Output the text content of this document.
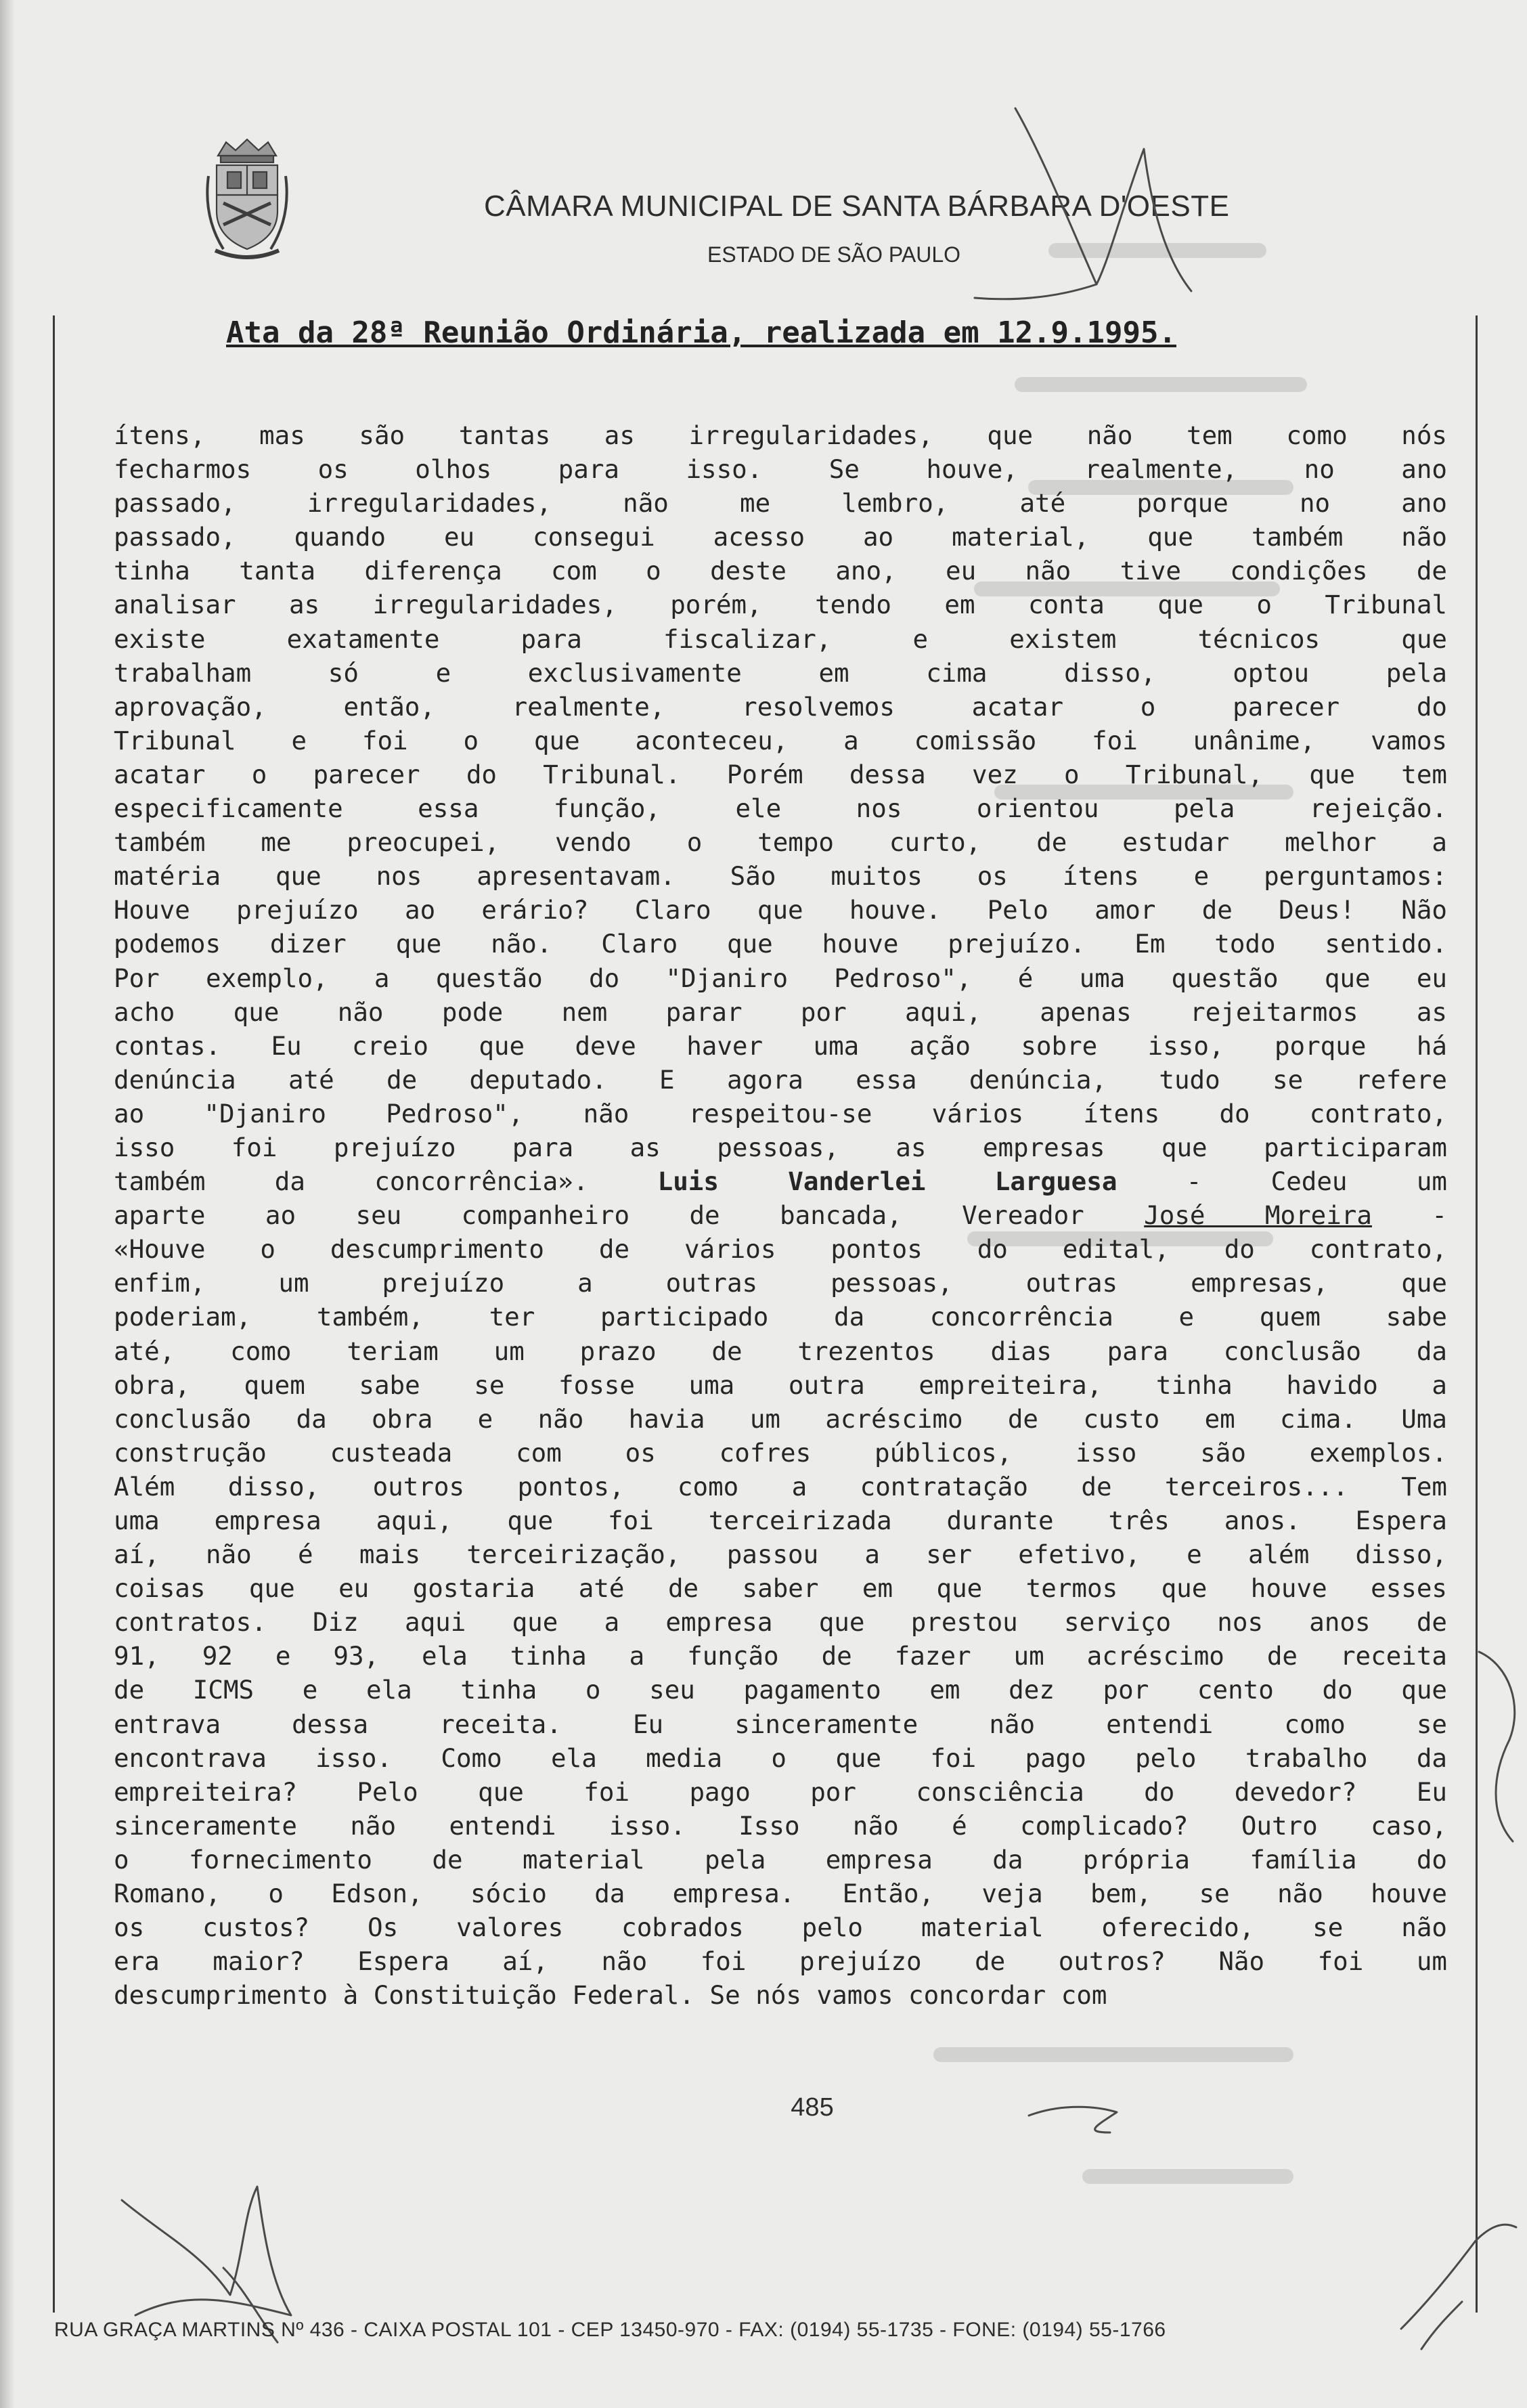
CÂMARA MUNICIPAL DE SANTA BÁRBARA D'OESTE
ESTADO DE SÃO PAULO
Ata da 28ª Reunião Ordinária, realizada em 12.9.1995.
ítens, mas são tantas as irregularidades, que não tem como nós
fecharmos os olhos para isso. Se houve, realmente, no ano
passado, irregularidades, não me lembro, até porque no ano
passado, quando eu consegui acesso ao material, que também não
tinha tanta diferença com o deste ano, eu não tive condições de
analisar as irregularidades, porém, tendo em conta que o Tribunal
existe exatamente para fiscalizar, e existem técnicos que
trabalham só e exclusivamente em cima disso, optou pela
aprovação, então, realmente, resolvemos acatar o parecer do
Tribunal e foi o que aconteceu, a comissão foi unânime, vamos
acatar o parecer do Tribunal. Porém dessa vez o Tribunal, que tem
especificamente essa função, ele nos orientou pela rejeição.
também me preocupei, vendo o tempo curto, de estudar melhor a
matéria que nos apresentavam. São muitos os ítens e perguntamos:
Houve prejuízo ao erário? Claro que houve. Pelo amor de Deus! Não
podemos dizer que não. Claro que houve prejuízo. Em todo sentido.
Por exemplo, a questão do "Djaniro Pedroso", é uma questão que eu
acho que não pode nem parar por aqui, apenas rejeitarmos as
contas. Eu creio que deve haver uma ação sobre isso, porque há
denúncia até de deputado. E agora essa denúncia, tudo se refere
ao "Djaniro Pedroso", não respeitou-se vários ítens do contrato,
isso foi prejuízo para as pessoas, as empresas que participaram
também da concorrência». Luis Vanderlei Larguesa - Cedeu um
aparte ao seu companheiro de bancada, Vereador José Moreira -
«Houve o descumprimento de vários pontos do edital, do contrato,
enfim, um prejuízo a outras pessoas, outras empresas, que
poderiam, também, ter participado da concorrência e quem sabe
até, como teriam um prazo de trezentos dias para conclusão da
obra, quem sabe se fosse uma outra empreiteira, tinha havido a
conclusão da obra e não havia um acréscimo de custo em cima. Uma
construção custeada com os cofres públicos, isso são exemplos.
Além disso, outros pontos, como a contratação de terceiros... Tem
uma empresa aqui, que foi terceirizada durante três anos. Espera
aí, não é mais terceirização, passou a ser efetivo, e além disso,
coisas que eu gostaria até de saber em que termos que houve esses
contratos. Diz aqui que a empresa que prestou serviço nos anos de
91, 92 e 93, ela tinha a função de fazer um acréscimo de receita
de ICMS e ela tinha o seu pagamento em dez por cento do que
entrava dessa receita. Eu sinceramente não entendi como se
encontrava isso. Como ela media o que foi pago pelo trabalho da
empreiteira? Pelo que foi pago por consciência do devedor? Eu
sinceramente não entendi isso. Isso não é complicado? Outro caso,
o fornecimento de material pela empresa da própria família do
Romano, o Edson, sócio da empresa. Então, veja bem, se não houve
os custos? Os valores cobrados pelo material oferecido, se não
era maior? Espera aí, não foi prejuízo de outros? Não foi um
descumprimento à Constituição Federal. Se nós vamos concordar com
485
RUA GRAÇA MARTINS Nº 436 - CAIXA POSTAL 101 - CEP 13450-970 - FAX: (0194) 55-1735 - FONE: (0194) 55-1766
